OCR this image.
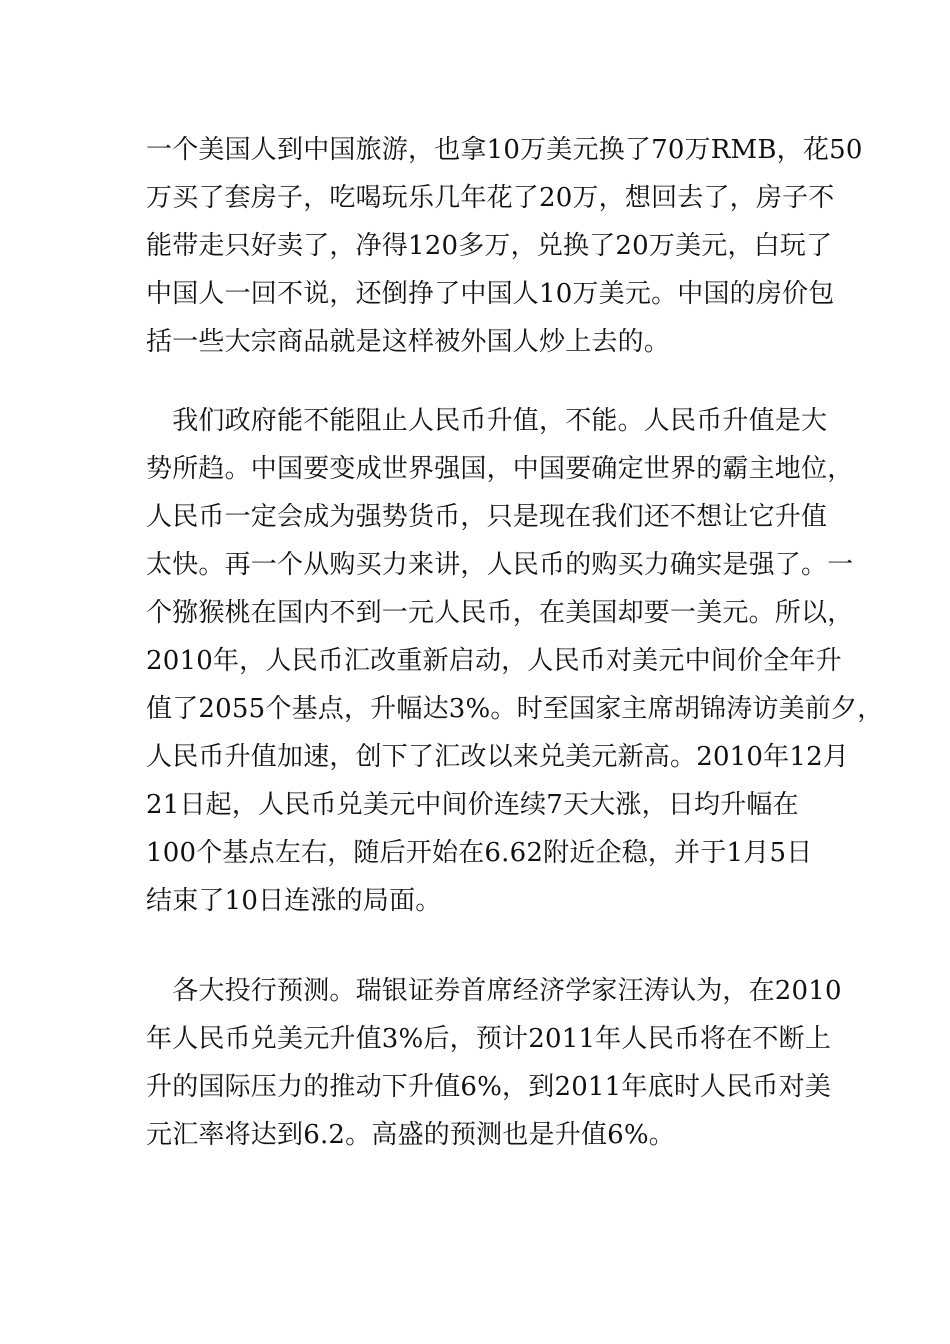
一个美国人到中国旅游，也拿10万美元换了70万RMB，花50
万买了套房子，吃喝玩乐几年花了20万，想回去了，房子不
能带走只好卖了，净得120多万，兑换了20万美元，白玩了
中国人一回不说，还倒挣了中国人10万美元。中国的房价包
括一些大宗商品就是这样被外国人炒上去的。
　我们政府能不能阻止人民币升值，不能。人民币升值是大
势所趋。中国要变成世界强国，中国要确定世界的霸主地位，
人民币一定会成为强势货币，只是现在我们还不想让它升值
太快。再一个从购买力来讲，人民币的购买力确实是强了。一
个猕猴桃在国内不到一元人民币，在美国却要一美元。所以，
2010年，人民币汇改重新启动，人民币对美元中间价全年升
值了2055个基点，升幅达3%。时至国家主席胡锦涛访美前夕，
人民币升值加速，创下了汇改以来兑美元新高。2010年12月
21日起，人民币兑美元中间价连续7天大涨，日均升幅在
100个基点左右，随后开始在6.62附近企稳，并于1月5日
结束了10日连涨的局面。
　各大投行预测。瑞银证券首席经济学家汪涛认为，在2010
年人民币兑美元升值3%后，预计2011年人民币将在不断上
升的国际压力的推动下升值6%，到2011年底时人民币对美
元汇率将达到6.2。高盛的预测也是升值6%。
